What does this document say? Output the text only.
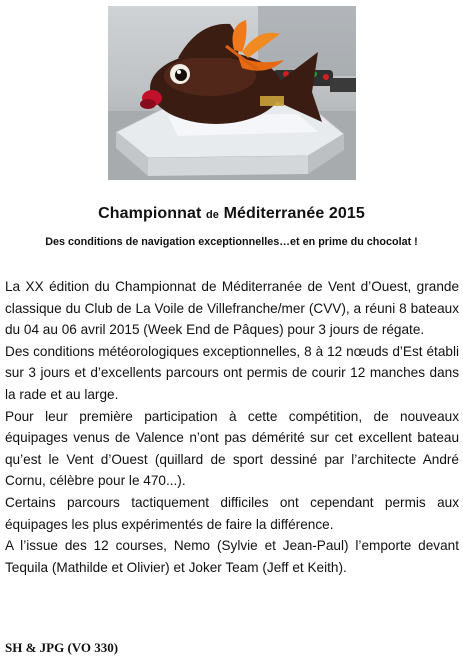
Championnat de Méditerranée 2015
Des conditions de navigation exceptionnelles…et en prime du chocolat !

La XX édition du Championnat de Méditerranée de Vent d’Ouest, grande classique du Club de La Voile de Villefranche/mer (CVV), a réuni 8 bateaux du 04 au 06 avril 2015 (Week End de Pâques) pour 3 jours de régate.

Des conditions météorologiques exceptionnelles, 8 à 12 nœuds d’Est établi sur 3 jours et d’excellents parcours ont permis de courir 12 manches dans la rade et au large.

Pour leur première participation à cette compétition, de nouveaux équipages venus de Valence n’ont pas démérité sur cet excellent bateau qu’est le Vent d’Ouest (quillard de sport dessiné par l’architecte André Cornu, célèbre pour le 470...).

Certains parcours tactiquement difficiles ont cependant permis aux équipages les plus expérimentés de faire la différence.

A l’issue des 12 courses, Nemo (Sylvie et Jean-Paul) l’emporte devant Tequila (Mathilde et Olivier) et Joker Team (Jeff et Keith).

SH & JPG (VO 330)
